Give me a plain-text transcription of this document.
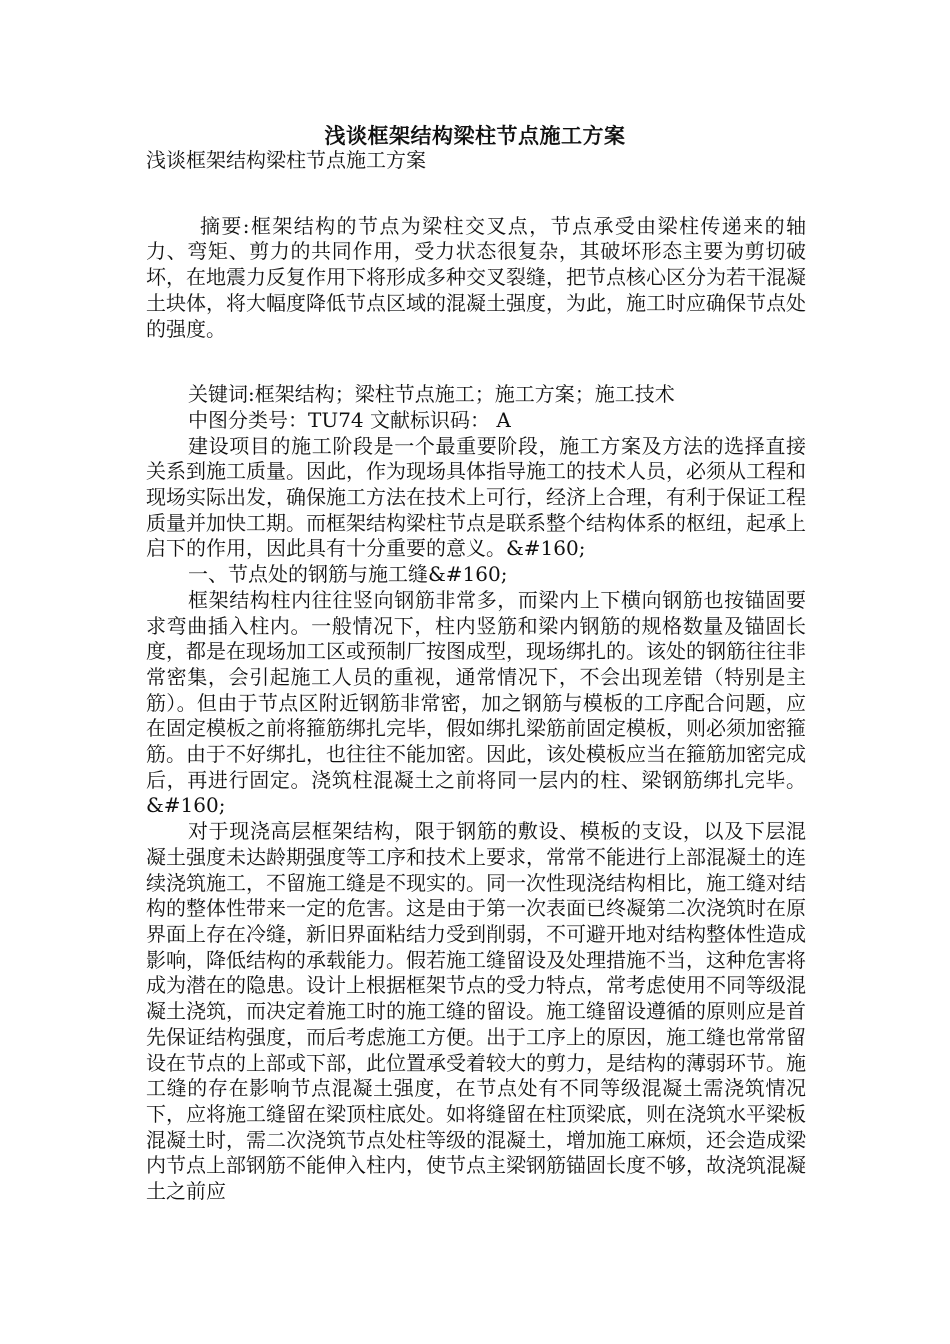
浅谈框架结构梁柱节点施工方案

浅谈框架结构梁柱节点施工方案

摘要:框架结构的节点为梁柱交叉点，节点承受由梁柱传递来的轴力、弯矩、剪力的共同作用，受力状态很复杂，其破坏形态主要为剪切破坏，在地震力反复作用下将形成多种交叉裂缝，把节点核心区分为若干混凝土块体，将大幅度降低节点区域的混凝土强度，为此，施工时应确保节点处的强度。

关键词:框架结构；梁柱节点施工；施工方案；施工技术

中图分类号：TU74 文献标识码： A

建设项目的施工阶段是一个最重要阶段，施工方案及方法的选择直接关系到施工质量。因此，作为现场具体指导施工的技术人员，必须从工程和现场实际出发，确保施工方法在技术上可行，经济上合理，有利于保证工程质量并加快工期。而框架结构梁柱节点是联系整个结构体系的枢纽，起承上启下的作用，因此具有十分重要的意义。&#160;

一、节点处的钢筋与施工缝&#160;

框架结构柱内往往竖向钢筋非常多，而梁内上下横向钢筋也按锚固要求弯曲插入柱内。一般情况下，柱内竖筋和梁内钢筋的规格数量及锚固长度，都是在现场加工区或预制厂按图成型，现场绑扎的。该处的钢筋往往非常密集，会引起施工人员的重视，通常情况下，不会出现差错（特别是主筋）。但由于节点区附近钢筋非常密，加之钢筋与模板的工序配合问题，应在固定模板之前将箍筋绑扎完毕，假如绑扎梁筋前固定模板，则必须加密箍筋。由于不好绑扎，也往往不能加密。因此，该处模板应当在箍筋加密完成后，再进行固定。浇筑柱混凝土之前将同一层内的柱、梁钢筋绑扎完毕。&#160;

对于现浇高层框架结构，限于钢筋的敷设、模板的支设，以及下层混凝土强度未达龄期强度等工序和技术上要求，常常不能进行上部混凝土的连续浇筑施工，不留施工缝是不现实的。同一次性现浇结构相比，施工缝对结构的整体性带来一定的危害。这是由于第一次表面已终凝第二次浇筑时在原界面上存在冷缝，新旧界面粘结力受到削弱，不可避开地对结构整体性造成影响，降低结构的承载能力。假若施工缝留设及处理措施不当，这种危害将成为潜在的隐患。设计上根据框架节点的受力特点，常考虑使用不同等级混凝土浇筑，而决定着施工时的施工缝的留设。施工缝留设遵循的原则应是首先保证结构强度，而后考虑施工方便。出于工序上的原因，施工缝也常常留设在节点的上部或下部，此位置承受着较大的剪力，是结构的薄弱环节。施工缝的存在影响节点混凝土强度，在节点处有不同等级混凝土需浇筑情况下，应将施工缝留在梁顶柱底处。如将缝留在柱顶梁底，则在浇筑水平梁板混凝土时，需二次浇筑节点处柱等级的混凝土，增加施工麻烦，还会造成梁内节点上部钢筋不能伸入柱内，使节点主梁钢筋锚固长度不够，故浇筑混凝土之前应
